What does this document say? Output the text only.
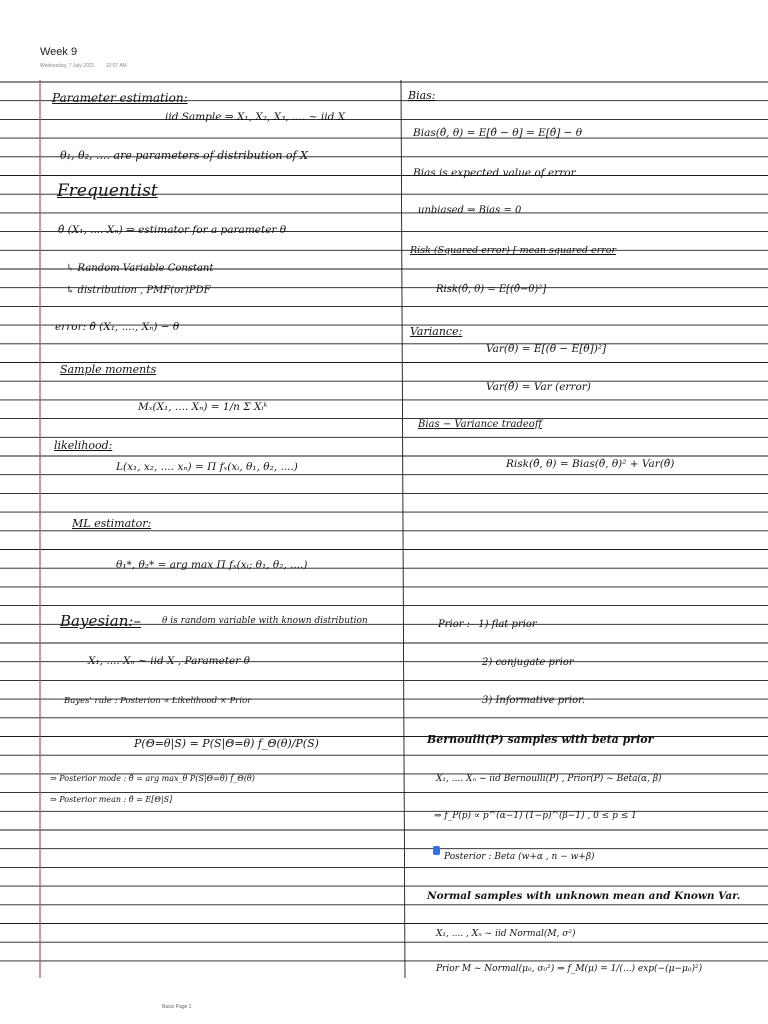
Week 9
Wednesday, 7 July 2021 12:07 AM
Parameter estimation:
iid Sample ⇒ X₁, X₂, X₃, .... ~ iid X
θ₁, θ₂, .... are parameters of distribution of X
Frequentist
θ̂ (X₁, .... Xₙ) ⇒ estimator for a parameter θ
↳ Random Variable Constant
↳ distribution , PMF(or)PDF
error: θ̂ (X₁, ...., Xₙ) − θ
Sample moments
Mₓ(X₁, .... Xₙ) = 1/n Σ Xᵢᵏ
likelihood:
L(x₁, x₂, .... xₙ) = Π fₓ(xᵢ, θ₁, θ₂, ....)
ML estimator:
θ₁*, θ₂* = arg max Π fₓ(xᵢ; θ₁, θ₂, ....)
Bayesian:– θ is random variable with known distribution
X₁, .... Xₙ ~ iid X , Parameter θ
Bayes' rule : Posterion ∝ Likelihood × Prior
P(Θ=θ|S) = P(S|Θ=θ) f_Θ(θ)/P(S)
⇒ Posterior mode : θ̂ = arg max_θ P(S|Θ=θ) f_Θ(θ)
⇒ Posterior mean : θ̂ = E[Θ|S]
Bias:
Bias(θ̂, θ) = E[θ̂ − θ] = E[θ̂] − θ
Bias is expected value of error
unbiased ⇒ Bias = 0
Risk (Squared error) [ mean squared error
Risk(θ̂, θ) = E[(θ̂−θ)²]
Variance:
Var(θ̂) = E[(θ̂ − E[θ̂])²]
Var(θ̂) = Var (error)
Bias − Variance tradeoff
Risk(θ̂, θ) = Bias(θ̂, θ)² + Var(θ̂)
Prior :– 1) flat prior
2) conjugate prior
3) Informative prior.
Bernoulli(P) samples with beta prior
X₁, .... Xₙ ~ iid Bernoulli(P) , Prior(P) ~ Beta(α, β)
⇒ f_P(p) ∝ p^(α−1) (1−p)^(β−1) , 0 ≤ p ≤ 1
Posterior : Beta (w+α , n − w+β)
Normal samples with unknown mean and Known Var.
X₁, .... , Xₙ ~ iid Normal(M, σ²)
Prior M ~ Normal(μ₀, σ₀²) ⇒ f_M(μ) = 1/(...) exp(−(μ−μ₀)²)
Basic Page 1
